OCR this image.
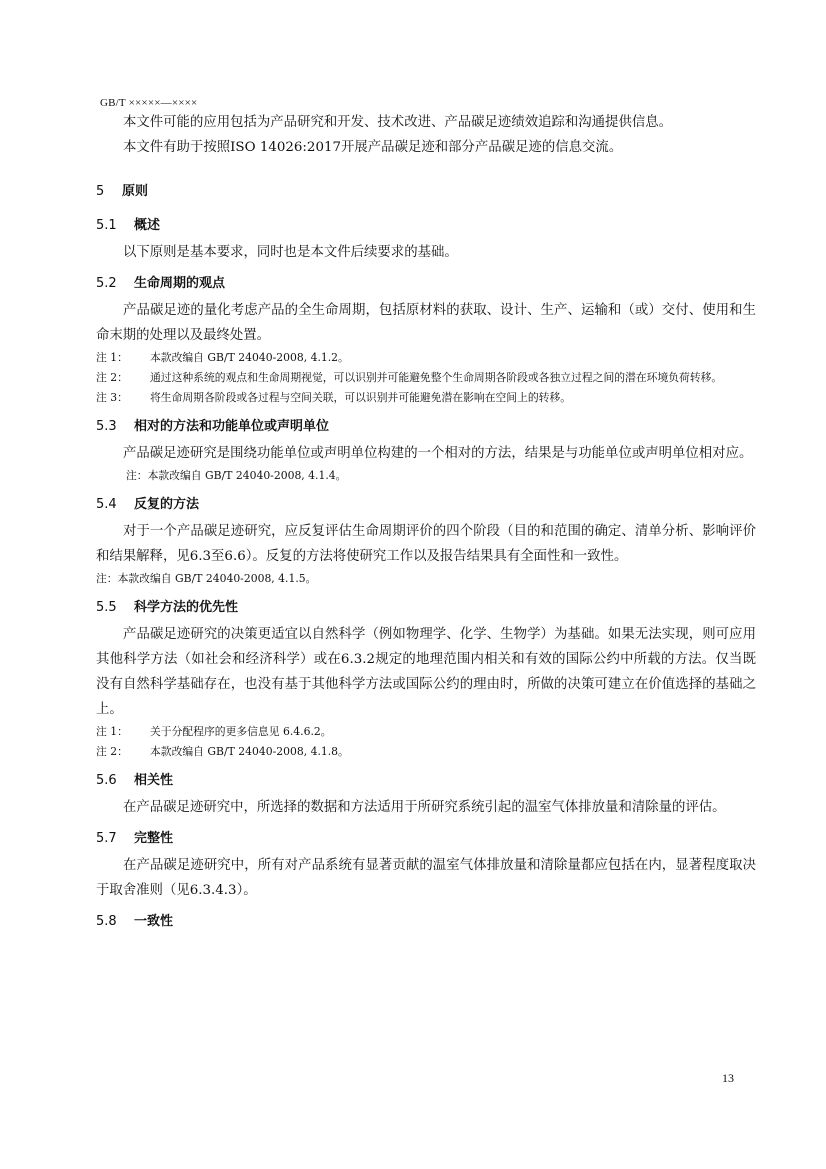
GB/T ×××××—××××

本文件可能的应用包括为产品研究和开发、技术改进、产品碳足迹绩效追踪和沟通提供信息。

本文件有助于按照ISO 14026:2017开展产品碳足迹和部分产品碳足迹的信息交流。

5 原则
5.1 概述

以下原则是基本要求，同时也是本文件后续要求的基础。

5.2 生命周期的观点

产品碳足迹的量化考虑产品的全生命周期，包括原材料的获取、设计、生产、运输和（或）交付、使用和生命末期的处理以及最终处置。

注 1： 本款改编自 GB/T 24040-2008, 4.1.2。
注 2： 通过这种系统的观点和生命周期视觉，可以识别并可能避免整个生命周期各阶段或各独立过程之间的潜在环境负荷转移。
注 3： 将生命周期各阶段或各过程与空间关联，可以识别并可能避免潜在影响在空间上的转移。
5.3 相对的方法和功能单位或声明单位

产品碳足迹研究是围绕功能单位或声明单位构建的一个相对的方法，结果是与功能单位或声明单位相对应。

注：本款改编自 GB/T 24040-2008, 4.1.4。
5.4 反复的方法

对于一个产品碳足迹研究，应反复评估生命周期评价的四个阶段（目的和范围的确定、清单分析、影响评价和结果解释，见6.3至6.6）。反复的方法将使研究工作以及报告结果具有全面性和一致性。

注：本款改编自 GB/T 24040-2008, 4.1.5。
5.5 科学方法的优先性

产品碳足迹研究的决策更适宜以自然科学（例如物理学、化学、生物学）为基础。如果无法实现，则可应用其他科学方法（如社会和经济科学）或在6.3.2规定的地理范围内相关和有效的国际公约中所载的方法。仅当既没有自然科学基础存在，也没有基于其他科学方法或国际公约的理由时，所做的决策可建立在价值选择的基础之上。

注 1： 关于分配程序的更多信息见 6.4.6.2。
注 2： 本款改编自 GB/T 24040-2008, 4.1.8。
5.6 相关性

在产品碳足迹研究中，所选择的数据和方法适用于所研究系统引起的温室气体排放量和清除量的评估。

5.7 完整性

在产品碳足迹研究中，所有对产品系统有显著贡献的温室气体排放量和清除量都应包括在内，显著程度取决于取舍准则（见6.3.4.3）。

5.8 一致性
13
